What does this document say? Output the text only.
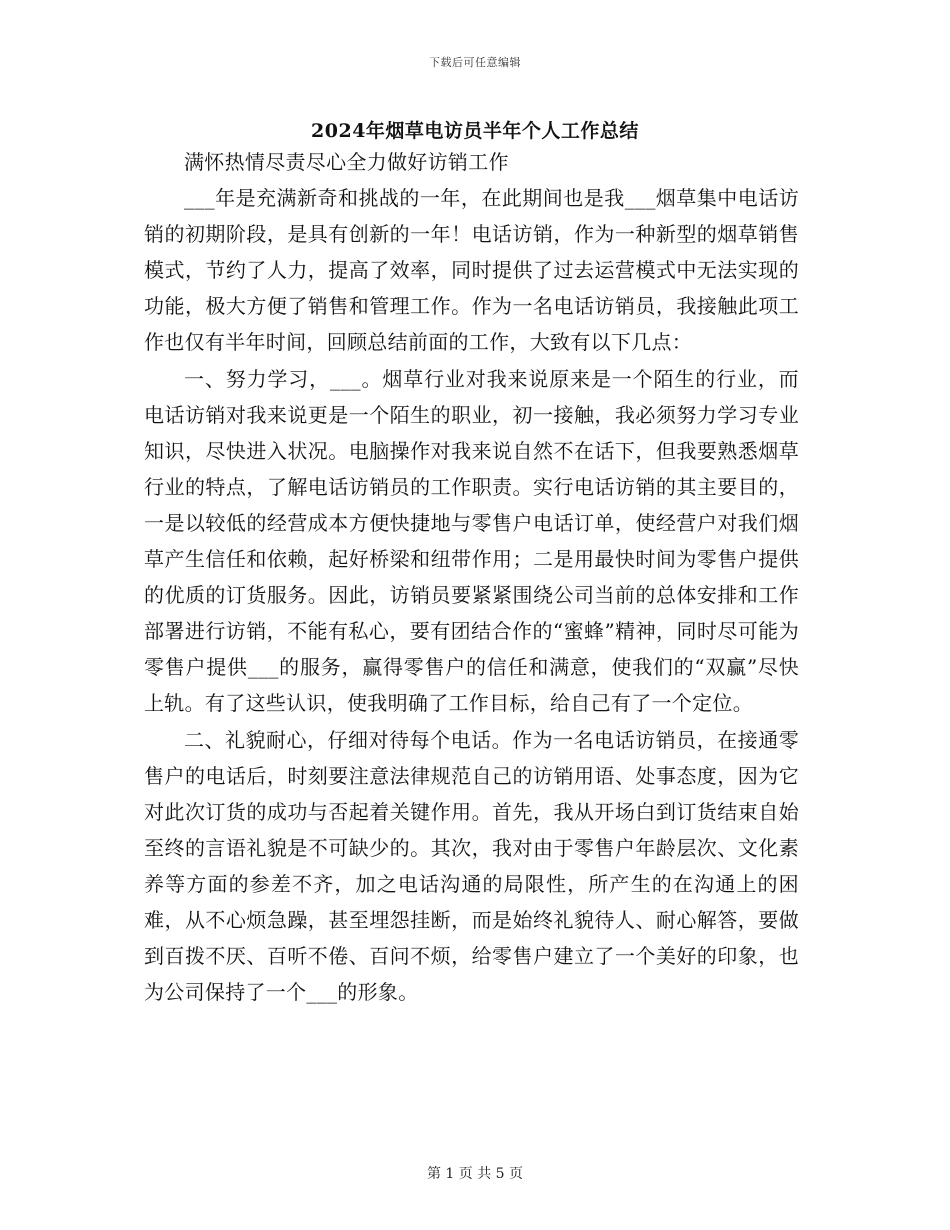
下载后可任意编辑
2024年烟草电访员半年个人工作总结

满怀热情尽责尽心全力做好访销工作

___年是充满新奇和挑战的一年，在此期间也是我___烟草集中电话访销的初期阶段，是具有创新的一年！电话访销，作为一种新型的烟草销售模式，节约了人力，提高了效率，同时提供了过去运营模式中无法实现的功能，极大方便了销售和管理工作。作为一名电话访销员，我接触此项工作也仅有半年时间，回顾总结前面的工作，大致有以下几点：

一、努力学习，___。烟草行业对我来说原来是一个陌生的行业，而电话访销对我来说更是一个陌生的职业，初一接触，我必须努力学习专业知识，尽快进入状况。电脑操作对我来说自然不在话下，但我要熟悉烟草行业的特点，了解电话访销员的工作职责。实行电话访销的其主要目的，一是以较低的经营成本方便快捷地与零售户电话订单，使经营户对我们烟草产生信任和依赖，起好桥梁和纽带作用；二是用最快时间为零售户提供的优质的订货服务。因此，访销员要紧紧围绕公司当前的总体安排和工作部署进行访销，不能有私心，要有团结合作的“蜜蜂”精神，同时尽可能为零售户提供___的服务，赢得零售户的信任和满意，使我们的“双赢”尽快上轨。有了这些认识，使我明确了工作目标，给自己有了一个定位。

二、礼貌耐心，仔细对待每个电话。作为一名电话访销员，在接通零售户的电话后，时刻要注意法律规范自己的访销用语、处事态度，因为它对此次订货的成功与否起着关键作用。首先，我从开场白到订货结束自始至终的言语礼貌是不可缺少的。其次，我对由于零售户年龄层次、文化素养等方面的参差不齐，加之电话沟通的局限性，所产生的在沟通上的困难，从不心烦急躁，甚至埋怨挂断，而是始终礼貌待人、耐心解答，要做到百拨不厌、百听不倦、百问不烦，给零售户建立了一个美好的印象，也为公司保持了一个___的形象。

第 1 页 共 5 页
